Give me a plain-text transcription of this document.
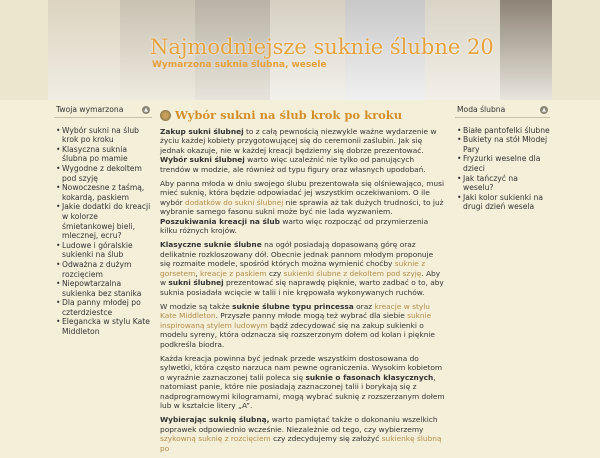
Najmodniejsze suknie ślubne 20
Wymarzona suknia ślubna, wesele
Twoja wymarzona	▲
• Wybór sukni na ślub krok po kroku
• Klasyczna suknia ślubna po mamie
• Wygodne z dekoltem pod szyję
• Nowoczesne z taśmą, kokardą, paskiem
• Jakie dodatki do kreacji w kolorze śmietankowej bieli, mlecznej, ecru?
• Ludowe i góralskie sukienki na ślub
• Odważna z dużym rozcięciem
• Niepowtarzalna sukienka bez stanika
• Dla panny młodej po czterdziestce
• Elegancka w stylu Kate Middleton
Wybór sukni na ślub krok po kroku

Zakup sukni ślubnej to z całą pewnością niezwykle ważne wydarzenie w życiu każdej kobiety przygotowującej się do ceremonii zaślubin. Jak się jednak okazuje, nie w każdej kreacji będziemy się dobrze prezentować. Wybór sukni ślubnej warto więc uzależnić nie tylko od panujących trendów w modzie, ale również od typu figury oraz własnych upodobań.

Aby panna młoda w dniu swojego ślubu prezentowała się olśniewająco, musi mieć suknię, która będzie odpowiadać jej wszystkim oczekiwaniom. O ile wybór dodatków do sukni ślubnej nie sprawia aż tak dużych trudności, to już wybranie samego fasonu sukni może być nie lada wyzwaniem. Poszukiwania kreacji na ślub warto więc rozpocząć od przymierzenia kilku różnych krojów.

Klasyczne suknie ślubne na ogół posiadają dopasowaną górę oraz delikatnie rozkloszowany dół. Obecnie jednak pannom młodym proponuje się rozmaite modele, spośród których można wymienić choćby suknie z gorsetem, kreacje z paskiem czy sukienki ślubne z dekoltem pod szyję. Aby w sukni ślubnej prezentować się naprawdę pięknie, warto zadbać o to, aby suknia posiadała wcięcie w talii i nie krępowała wykonywanych ruchów.

W modzie są także suknie ślubne typu princessa oraz kreacje w stylu Kate Middleton. Przyszłe panny młode mogą też wybrać dla siebie suknie inspirowaną stylem ludowym bądź zdecydować się na zakup sukienki o modelu syreny, która odznacza się rozszerzonym dołem od kolan i pięknie podkreśla biodra.

Każda kreacja powinna być jednak przede wszystkim dostosowana do sylwetki, która często narzuca nam pewne ograniczenia. Wysokim kobietom o wyraźnie zaznaczonej talii poleca się suknie o fasonach klasycznych, natomiast panie, które nie posiadają zaznaczonej talii i borykają się z nadprogramowymi kilogramami, mogą wybrać suknię z rozszerzanym dołem lub w kształcie litery „A”.

Wybierając suknię ślubną, warto pamiętać także o dokonaniu wszelkich poprawek odpowiednio wcześnie. Niezależnie od tego, czy wybierzemy szykowną suknię z rozcięciem czy zdecydujemy się założyć sukienkę ślubną po

Moda ślubna	▲
• Białe pantofelki ślubne
• Bukiety na stół Młodej Pary
• Fryzurki weselne dla dzieci
• Jak tańczyć na weselu?
• Jaki kolor sukienki na drugi dzień wesela
